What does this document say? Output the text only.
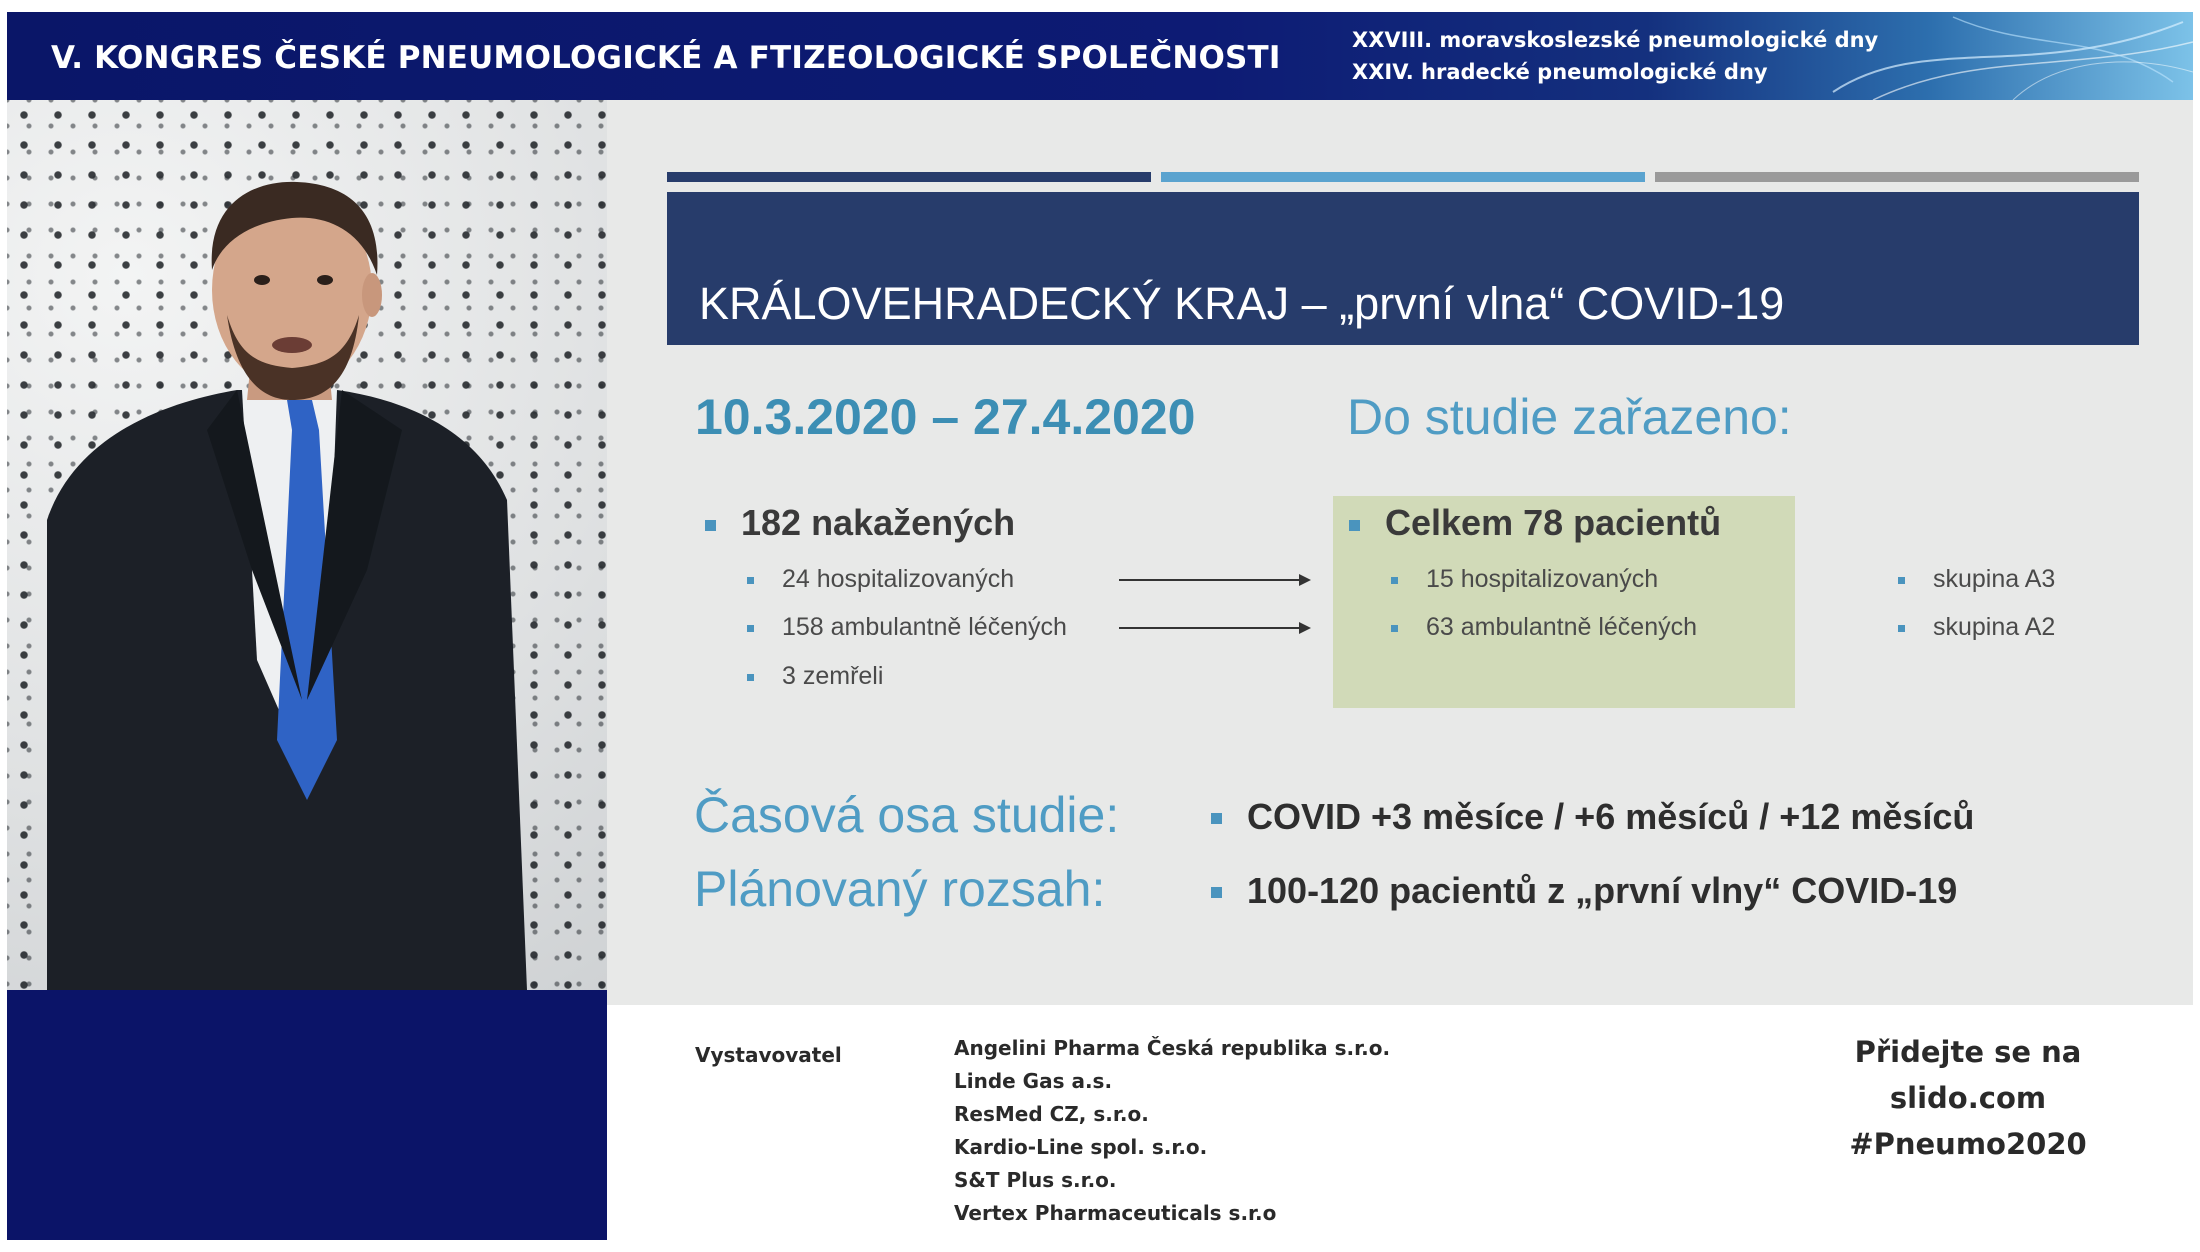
V. KONGRES ČESKÉ PNEUMOLOGICKÉ A FTIZEOLOGICKÉ SPOLEČNOSTI	XXVIII. moravskoslezské pneumologické dny
XXIV. hradecké pneumologické dny
KRÁLOVEHRADECKÝ KRAJ – „první vlna“ COVID-19
10.3.2020 – 27.4.2020	Do studie zařazeno:
182 nakažených
24 hospitalizovaných
158 ambulantně léčených
3 zemřeli
Celkem 78 pacientů
15 hospitalizovaných
63 ambulantně léčených
skupina A3
skupina A2
Časová osa studie:	COVID +3 měsíce / +6 měsíců / +12 měsíců
Plánovaný rozsah:	100-120 pacientů z „první vlny“ COVID-19
Vystavovatel	Angelini Pharma Česká republika s.r.o.
Linde Gas a.s.
ResMed CZ, s.r.o.
Kardio-Line spol. s.r.o.
S&T Plus s.r.o.
Vertex Pharmaceuticals s.r.o
Přidejte se na
slido.com
#Pneumo2020
